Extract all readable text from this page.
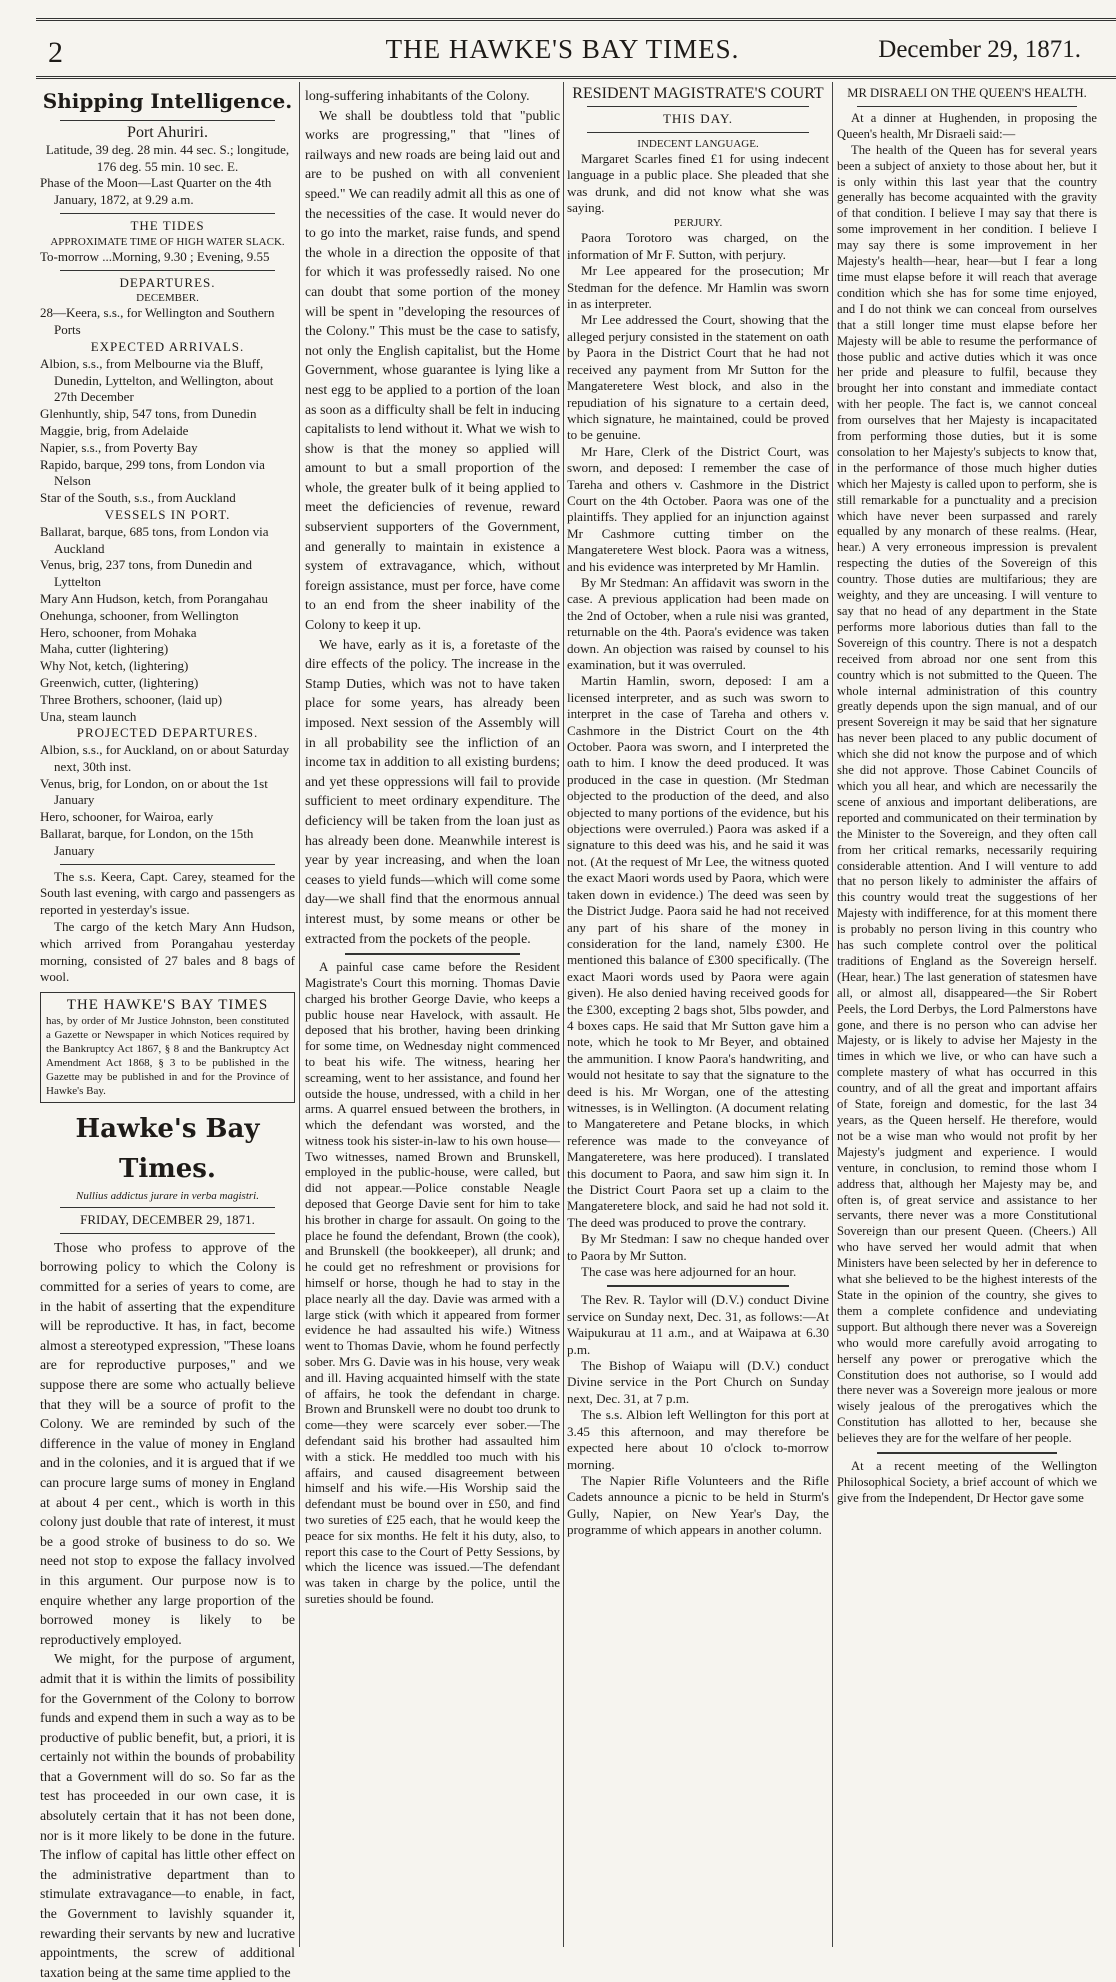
2	THE HAWKE'S BAY TIMES.	December 29, 1871.
Shipping Intelligence.

Port Ahuriri.

Latitude, 39 deg. 28 min. 44 sec. S.; longitude, 176 deg. 55 min. 10 sec. E.

Phase of the Moon—Last Quarter on the 4th January, 1872, at 9.29 a.m.

THE TIDES

APPROXIMATE TIME OF HIGH WATER SLACK.

To-morrow ...Morning, 9.30 ; Evening, 9.55

DEPARTURES.

DECEMBER.

28—Keera, s.s., for Wellington and Southern Ports

EXPECTED ARRIVALS.

Albion, s.s., from Melbourne via the Bluff, Dunedin, Lyttelton, and Wellington, about 27th December

Glenhuntly, ship, 547 tons, from Dunedin

Maggie, brig, from Adelaide

Napier, s.s., from Poverty Bay

Rapido, barque, 299 tons, from London via Nelson

Star of the South, s.s., from Auckland

VESSELS IN PORT.

Ballarat, barque, 685 tons, from London via Auckland

Venus, brig, 237 tons, from Dunedin and Lyttelton

Mary Ann Hudson, ketch, from Porangahau

Onehunga, schooner, from Wellington

Hero, schooner, from Mohaka

Maha, cutter (lightering)

Why Not, ketch, (lightering)

Greenwich, cutter, (lightering)

Three Brothers, schooner, (laid up)

Una, steam launch

PROJECTED DEPARTURES.

Albion, s.s., for Auckland, on or about Saturday next, 30th inst.

Venus, brig, for London, on or about the 1st January

Hero, schooner, for Wairoa, early

Ballarat, barque, for London, on the 15th January

The s.s. Keera, Capt. Carey, steamed for the South last evening, with cargo and passengers as reported in yesterday's issue.

The cargo of the ketch Mary Ann Hudson, which arrived from Porangahau yesterday morning, consisted of 27 bales and 8 bags of wool.

THE HAWKE'S BAY TIMES

has, by order of Mr Justice Johnston, been constituted a Gazette or Newspaper in which Notices required by the Bankruptcy Act 1867, § 8 and the Bankruptcy Act Amendment Act 1868, § 3 to be published in the Gazette may be published in and for the Province of Hawke's Bay.

Hawke's Bay Times.

Nullius addictus jurare in verba magistri.

FRIDAY, DECEMBER 29, 1871.

Those who profess to approve of the borrowing policy to which the Colony is committed for a series of years to come, are in the habit of asserting that the expenditure will be reproductive. It has, in fact, become almost a stereotyped expression, "These loans are for reproductive purposes," and we suppose there are some who actually believe that they will be a source of profit to the Colony. We are reminded by such of the difference in the value of money in England and in the colonies, and it is argued that if we can procure large sums of money in England at about 4 per cent., which is worth in this colony just double that rate of interest, it must be a good stroke of business to do so. We need not stop to expose the fallacy involved in this argument. Our purpose now is to enquire whether any large proportion of the borrowed money is likely to be reproductively employed.

We might, for the purpose of argument, admit that it is within the limits of possibility for the Government of the Colony to borrow funds and expend them in such a way as to be productive of public benefit, but, a priori, it is certainly not within the bounds of probability that a Government will do so. So far as the test has proceeded in our own case, it is absolutely certain that it has not been done, nor is it more likely to be done in the future. The inflow of capital has little other effect on the administrative department than to stimulate extravagance—to enable, in fact, the Government to lavishly squander it, rewarding their servants by new and lucrative appointments, the screw of additional taxation being at the same time applied to the

long-suffering inhabitants of the Colony.

We shall be doubtless told that "public works are progressing," that "lines of railways and new roads are being laid out and are to be pushed on with all convenient speed." We can readily admit all this as one of the necessities of the case. It would never do to go into the market, raise funds, and spend the whole in a direction the opposite of that for which it was professedly raised. No one can doubt that some portion of the money will be spent in "developing the resources of the Colony." This must be the case to satisfy, not only the English capitalist, but the Home Government, whose guarantee is lying like a nest egg to be applied to a portion of the loan as soon as a difficulty shall be felt in inducing capitalists to lend without it. What we wish to show is that the money so applied will amount to but a small proportion of the whole, the greater bulk of it being applied to meet the deficiencies of revenue, reward subservient supporters of the Government, and generally to maintain in existence a system of extravagance, which, without foreign assistance, must per force, have come to an end from the sheer inability of the Colony to keep it up.

We have, early as it is, a foretaste of the dire effects of the policy. The increase in the Stamp Duties, which was not to have taken place for some years, has already been imposed. Next session of the Assembly will in all probability see the infliction of an income tax in addition to all existing burdens; and yet these oppressions will fail to provide sufficient to meet ordinary expenditure. The deficiency will be taken from the loan just as has already been done. Meanwhile interest is year by year increasing, and when the loan ceases to yield funds—which will come some day—we shall find that the enormous annual interest must, by some means or other be extracted from the pockets of the people.

A painful case came before the Resident Magistrate's Court this morning. Thomas Davie charged his brother George Davie, who keeps a public house near Havelock, with assault. He deposed that his brother, having been drinking for some time, on Wednesday night commenced to beat his wife. The witness, hearing her screaming, went to her assistance, and found her outside the house, undressed, with a child in her arms. A quarrel ensued between the brothers, in which the defendant was worsted, and the witness took his sister-in-law to his own house—Two witnesses, named Brown and Brunskell, employed in the public-house, were called, but did not appear.—Police constable Neagle deposed that George Davie sent for him to take his brother in charge for assault. On going to the place he found the defendant, Brown (the cook), and Brunskell (the bookkeeper), all drunk; and he could get no refreshment or provisions for himself or horse, though he had to stay in the place nearly all the day. Davie was armed with a large stick (with which it appeared from former evidence he had assaulted his wife.) Witness went to Thomas Davie, whom he found perfectly sober. Mrs G. Davie was in his house, very weak and ill. Having acquainted himself with the state of affairs, he took the defendant in charge. Brown and Brunskell were no doubt too drunk to come—they were scarcely ever sober.—The defendant said his brother had assaulted him with a stick. He meddled too much with his affairs, and caused disagreement between himself and his wife.—His Worship said the defendant must be bound over in £50, and find two sureties of £25 each, that he would keep the peace for six months. He felt it his duty, also, to report this case to the Court of Petty Sessions, by which the licence was issued.—The defendant was taken in charge by the police, until the sureties should be found.

RESIDENT MAGISTRATE'S COURT

THIS DAY.

INDECENT LANGUAGE.

Margaret Scarles fined £1 for using indecent language in a public place. She pleaded that she was drunk, and did not know what she was saying.

PERJURY.

Paora Torotoro was charged, on the information of Mr F. Sutton, with perjury.

Mr Lee appeared for the prosecution; Mr Stedman for the defence. Mr Hamlin was sworn in as interpreter.

Mr Lee addressed the Court, showing that the alleged perjury consisted in the statement on oath by Paora in the District Court that he had not received any payment from Mr Sutton for the Mangateretere West block, and also in the repudiation of his signature to a certain deed, which signature, he maintained, could be proved to be genuine.

Mr Hare, Clerk of the District Court, was sworn, and deposed: I remember the case of Tareha and others v. Cashmore in the District Court on the 4th October. Paora was one of the plaintiffs. They applied for an injunction against Mr Cashmore cutting timber on the Mangateretere West block. Paora was a witness, and his evidence was interpreted by Mr Hamlin.

By Mr Stedman: An affidavit was sworn in the case. A previous application had been made on the 2nd of October, when a rule nisi was granted, returnable on the 4th. Paora's evidence was taken down. An objection was raised by counsel to his examination, but it was overruled.

Martin Hamlin, sworn, deposed: I am a licensed interpreter, and as such was sworn to interpret in the case of Tareha and others v. Cashmore in the District Court on the 4th October. Paora was sworn, and I interpreted the oath to him. I know the deed produced. It was produced in the case in question. (Mr Stedman objected to the production of the deed, and also objected to many portions of the evidence, but his objections were overruled.) Paora was asked if a signature to this deed was his, and he said it was not. (At the request of Mr Lee, the witness quoted the exact Maori words used by Paora, which were taken down in evidence.) The deed was seen by the District Judge. Paora said he had not received any part of his share of the money in consideration for the land, namely £300. He mentioned this balance of £300 specifically. (The exact Maori words used by Paora were again given). He also denied having received goods for the £300, excepting 2 bags shot, 5lbs powder, and 4 boxes caps. He said that Mr Sutton gave him a note, which he took to Mr Beyer, and obtained the ammunition. I know Paora's handwriting, and would not hesitate to say that the signature to the deed is his. Mr Worgan, one of the attesting witnesses, is in Wellington. (A document relating to Mangateretere and Petane blocks, in which reference was made to the conveyance of Mangateretere, was here produced). I translated this document to Paora, and saw him sign it. In the District Court Paora set up a claim to the Mangateretere block, and said he had not sold it. The deed was produced to prove the contrary.

By Mr Stedman: I saw no cheque handed over to Paora by Mr Sutton.

The case was here adjourned for an hour.

The Rev. R. Taylor will (D.V.) conduct Divine service on Sunday next, Dec. 31, as follows:—At Waipukurau at 11 a.m., and at Waipawa at 6.30 p.m.

The Bishop of Waiapu will (D.V.) conduct Divine service in the Port Church on Sunday next, Dec. 31, at 7 p.m.

The s.s. Albion left Wellington for this port at 3.45 this afternoon, and may therefore be expected here about 10 o'clock to-morrow morning.

The Napier Rifle Volunteers and the Rifle Cadets announce a picnic to be held in Sturm's Gully, Napier, on New Year's Day, the programme of which appears in another column.

MR DISRAELI ON THE QUEEN'S HEALTH.

At a dinner at Hughenden, in proposing the Queen's health, Mr Disraeli said:—

The health of the Queen has for several years been a subject of anxiety to those about her, but it is only within this last year that the country generally has become acquainted with the gravity of that condition. I believe I may say that there is some improvement in her condition. I believe I may say there is some improvement in her Majesty's health—hear, hear—but I fear a long time must elapse before it will reach that average condition which she has for some time enjoyed, and I do not think we can conceal from ourselves that a still longer time must elapse before her Majesty will be able to resume the performance of those public and active duties which it was once her pride and pleasure to fulfil, because they brought her into constant and immediate contact with her people. The fact is, we cannot conceal from ourselves that her Majesty is incapacitated from performing those duties, but it is some consolation to her Majesty's subjects to know that, in the performance of those much higher duties which her Majesty is called upon to perform, she is still remarkable for a punctuality and a precision which have never been surpassed and rarely equalled by any monarch of these realms. (Hear, hear.) A very erroneous impression is prevalent respecting the duties of the Sovereign of this country. Those duties are multifarious; they are weighty, and they are unceasing. I will venture to say that no head of any department in the State performs more laborious duties than fall to the Sovereign of this country. There is not a despatch received from abroad nor one sent from this country which is not submitted to the Queen. The whole internal administration of this country greatly depends upon the sign manual, and of our present Sovereign it may be said that her signature has never been placed to any public document of which she did not know the purpose and of which she did not approve. Those Cabinet Councils of which you all hear, and which are necessarily the scene of anxious and important deliberations, are reported and communicated on their termination by the Minister to the Sovereign, and they often call from her critical remarks, necessarily requiring considerable attention. And I will venture to add that no person likely to administer the affairs of this country would treat the suggestions of her Majesty with indifference, for at this moment there is probably no person living in this country who has such complete control over the political traditions of England as the Sovereign herself. (Hear, hear.) The last generation of statesmen have all, or almost all, disappeared—the Sir Robert Peels, the Lord Derbys, the Lord Palmerstons have gone, and there is no person who can advise her Majesty, or is likely to advise her Majesty in the times in which we live, or who can have such a complete mastery of what has occurred in this country, and of all the great and important affairs of State, foreign and domestic, for the last 34 years, as the Queen herself. He therefore, would not be a wise man who would not profit by her Majesty's judgment and experience. I would venture, in conclusion, to remind those whom I address that, although her Majesty may be, and often is, of great service and assistance to her servants, there never was a more Constitutional Sovereign than our present Queen. (Cheers.) All who have served her would admit that when Ministers have been selected by her in deference to what she believed to be the highest interests of the State in the opinion of the country, she gives to them a complete confidence and undeviating support. But although there never was a Sovereign who would more carefully avoid arrogating to herself any power or prerogative which the Constitution does not authorise, so I would add there never was a Sovereign more jealous or more wisely jealous of the prerogatives which the Constitution has allotted to her, because she believes they are for the welfare of her people.

At a recent meeting of the Wellington Philosophical Society, a brief account of which we give from the Independent, Dr Hector gave some
